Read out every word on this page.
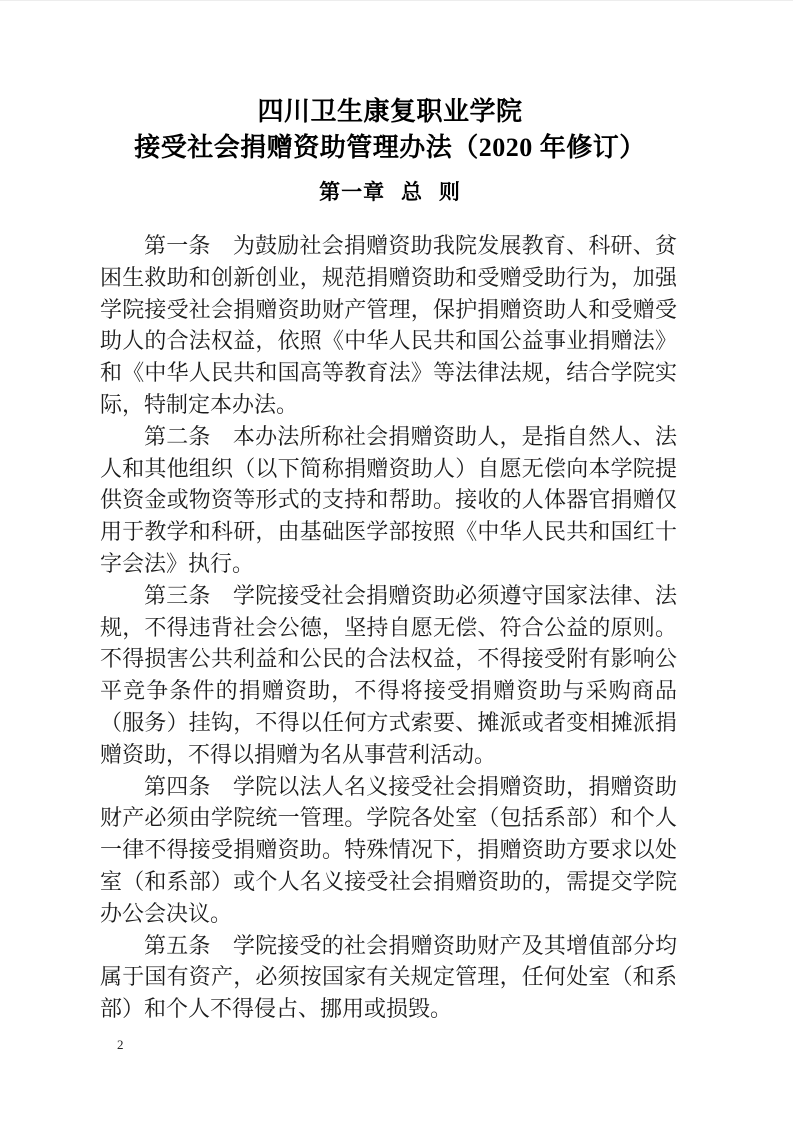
四川卫生康复职业学院
接受社会捐赠资助管理办法（2020 年修订）
第一章 总 则

第一条　为鼓励社会捐赠资助我院发展教育、科研、贫困生救助和创新创业，规范捐赠资助和受赠受助行为，加强学院接受社会捐赠资助财产管理，保护捐赠资助人和受赠受助人的合法权益，依照《中华人民共和国公益事业捐赠法》和《中华人民共和国高等教育法》等法律法规，结合学院实际，特制定本办法。

第二条　本办法所称社会捐赠资助人，是指自然人、法人和其他组织（以下简称捐赠资助人）自愿无偿向本学院提供资金或物资等形式的支持和帮助。接收的人体器官捐赠仅用于教学和科研，由基础医学部按照《中华人民共和国红十字会法》执行。

第三条　学院接受社会捐赠资助必须遵守国家法律、法规，不得违背社会公德，坚持自愿无偿、符合公益的原则。不得损害公共利益和公民的合法权益，不得接受附有影响公平竞争条件的捐赠资助，不得将接受捐赠资助与采购商品（服务）挂钩，不得以任何方式索要、摊派或者变相摊派捐赠资助，不得以捐赠为名从事营利活动。

第四条　学院以法人名义接受社会捐赠资助，捐赠资助财产必须由学院统一管理。学院各处室（包括系部）和个人一律不得接受捐赠资助。特殊情况下，捐赠资助方要求以处室（和系部）或个人名义接受社会捐赠资助的，需提交学院办公会决议。

第五条　学院接受的社会捐赠资助财产及其增值部分均属于国有资产，必须按国家有关规定管理，任何处室（和系部）和个人不得侵占、挪用或损毁。

2
